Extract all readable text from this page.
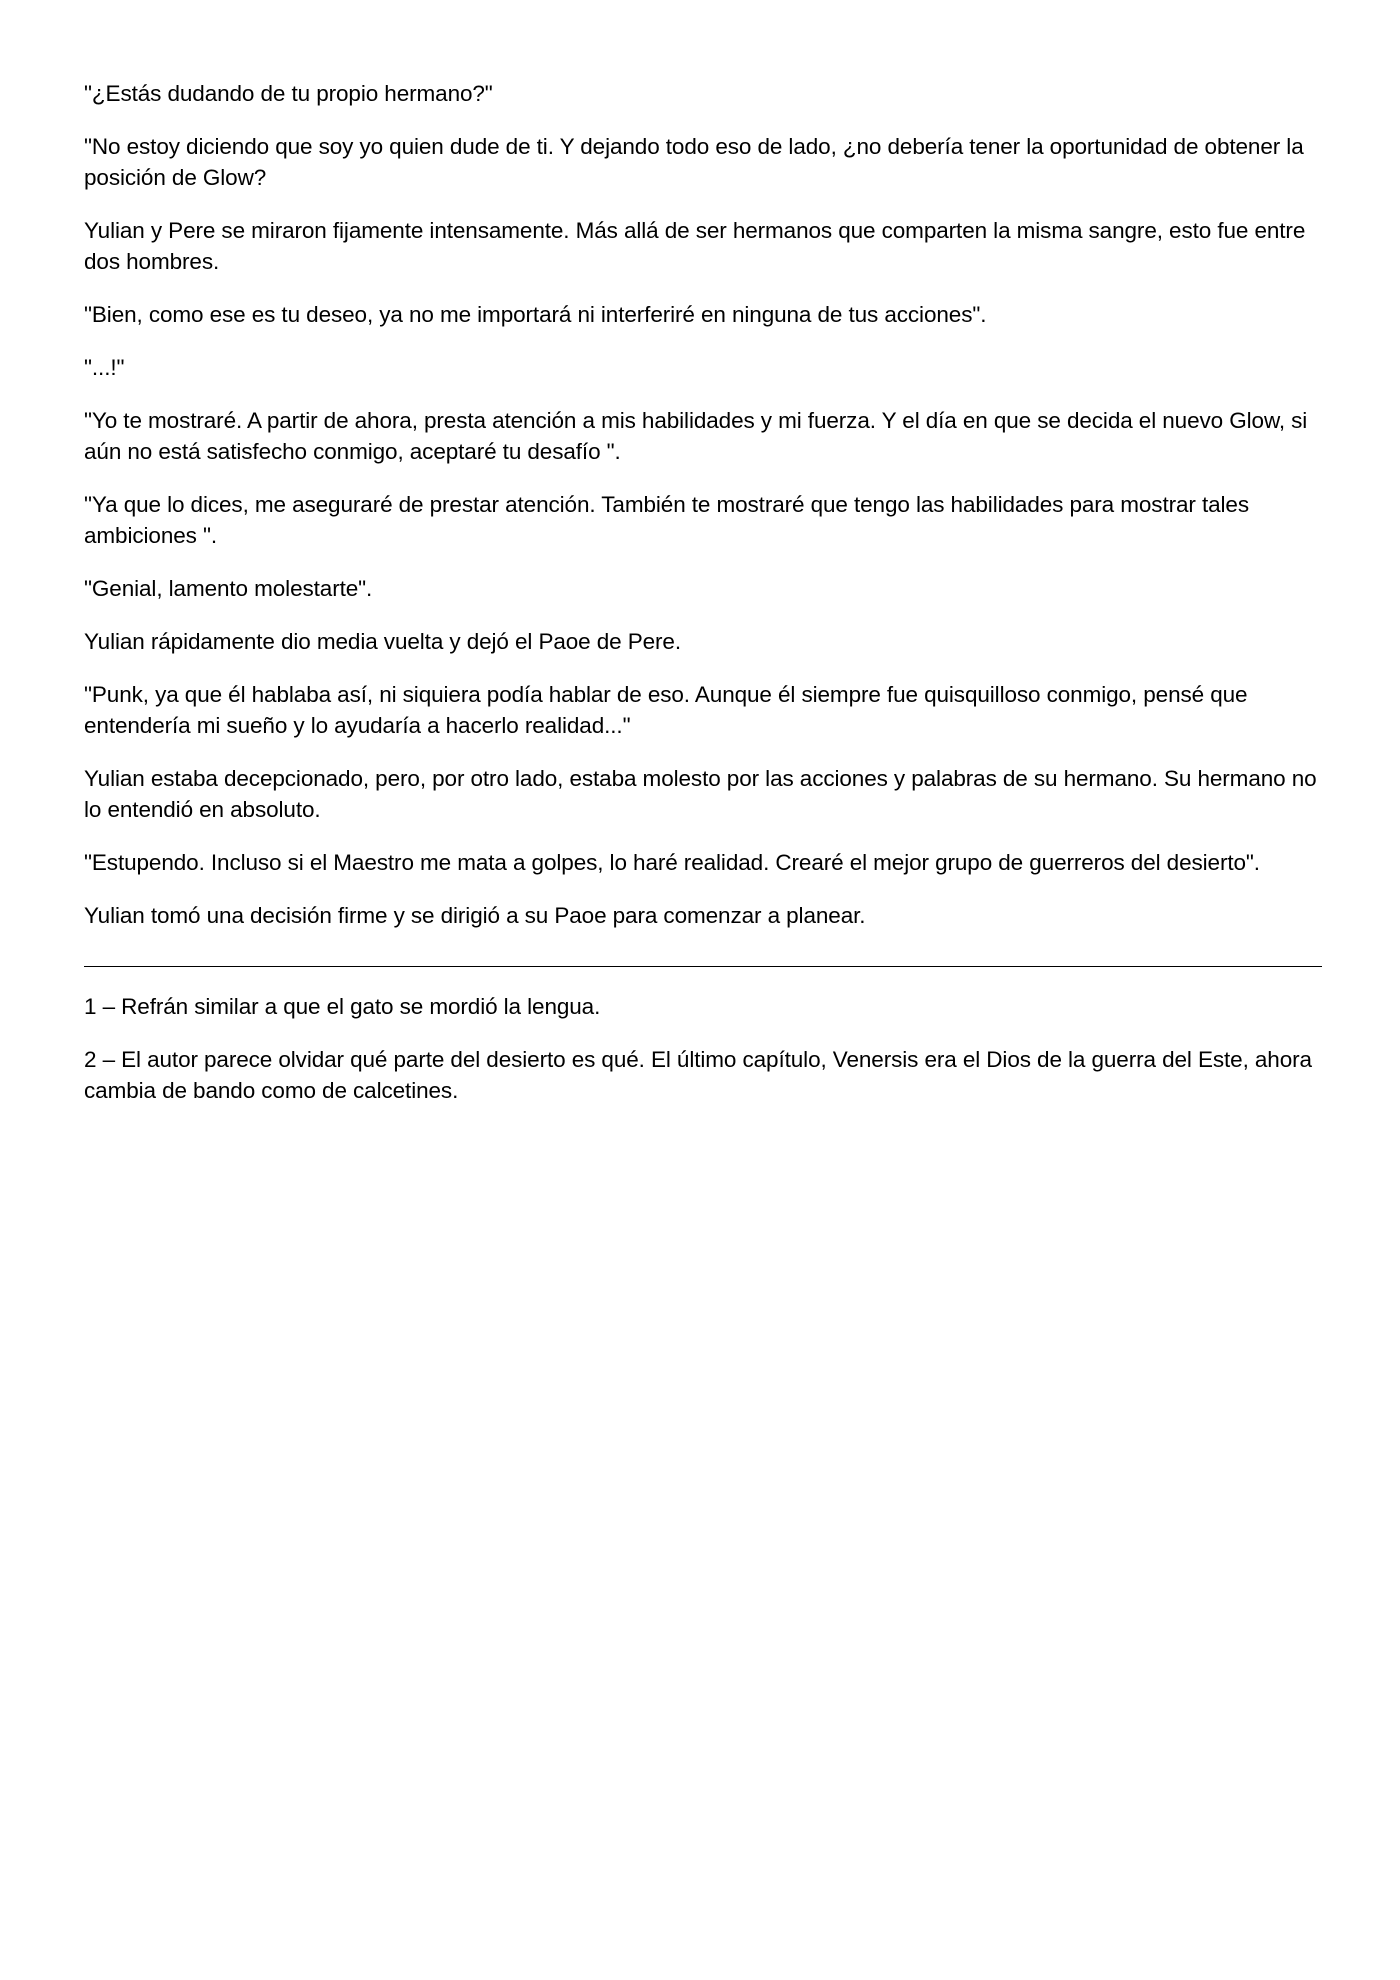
"¿Estás dudando de tu propio hermano?"

"No estoy diciendo que soy yo quien dude de ti. Y dejando todo eso de lado, ¿no debería tener la oportunidad de obtener la posición de Glow?

Yulian y Pere se miraron fijamente intensamente. Más allá de ser hermanos que comparten la misma sangre, esto fue entre dos hombres.

"Bien, como ese es tu deseo, ya no me importará ni interferiré en ninguna de tus acciones".

"...!"

"Yo te mostraré. A partir de ahora, presta atención a mis habilidades y mi fuerza. Y el día en que se decida el nuevo Glow, si aún no está satisfecho conmigo, aceptaré tu desafío ".

"Ya que lo dices, me aseguraré de prestar atención. También te mostraré que tengo las habilidades para mostrar tales ambiciones ".

"Genial, lamento molestarte".

Yulian rápidamente dio media vuelta y dejó el Paoe de Pere.

"Punk, ya que él hablaba así, ni siquiera podía hablar de eso. Aunque él siempre fue quisquilloso conmigo, pensé que entendería mi sueño y lo ayudaría a hacerlo realidad..."

Yulian estaba decepcionado, pero, por otro lado, estaba molesto por las acciones y palabras de su hermano. Su hermano no lo entendió en absoluto.

"Estupendo. Incluso si el Maestro me mata a golpes, lo haré realidad. Crearé el mejor grupo de guerreros del desierto".

Yulian tomó una decisión firme y se dirigió a su Paoe para comenzar a planear.

1 – Refrán similar a que el gato se mordió la lengua.

2 – El autor parece olvidar qué parte del desierto es qué. El último capítulo, Venersis era el Dios de la guerra del Este, ahora cambia de bando como de calcetines.
